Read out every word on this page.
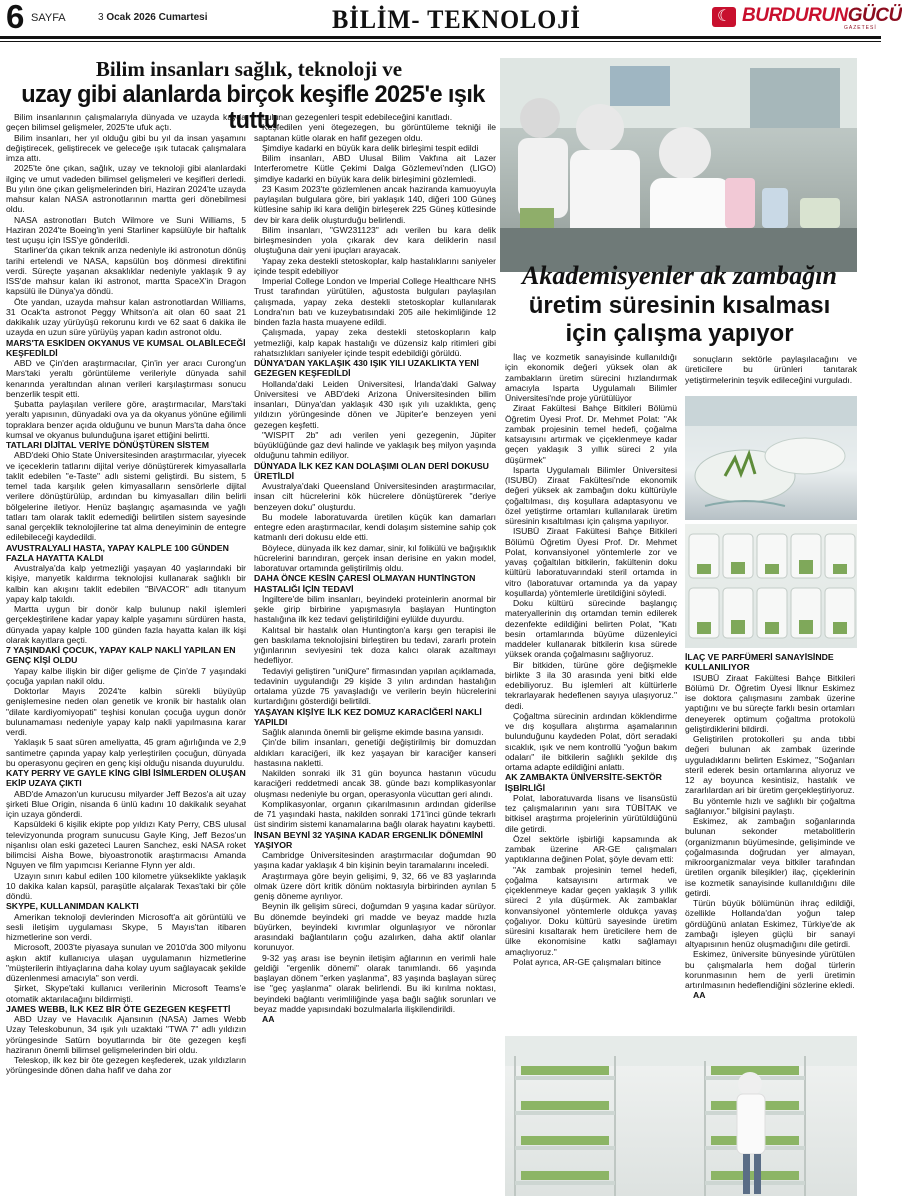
6 SAYFA	3 Ocak 2026 Cumartesi	BİLİM- TEKNOLOJİ
☾	BURDURUNGÜCÜ
GAZETESİ
Bilim insanları sağlık, teknoloji ve
uzay gibi alanlarda birçok keşifle 2025'e ışık tuttu

Bilim insanlarının çalışmalarıyla dünyada ve uzayda kayda geçen bilimsel gelişmeler, 2025'te ufuk açtı.

Bilim insanları, her yıl olduğu gibi bu yıl da insan yaşamını değiştirecek, geliştirecek ve geleceğe ışık tutacak çalışmalara imza attı.

2025'te öne çıkan, sağlık, uzay ve teknoloji gibi alanlardaki ilginç ve umut vadeden bilimsel gelişmeleri ve keşifleri derledi. Bu yılın öne çıkan gelişmelerinden biri, Haziran 2024'te uzayda mahsur kalan NASA astronotlarının martta geri dönebilmesi oldu.

NASA astronotları Butch Wilmore ve Suni Williams, 5 Haziran 2024'te Boeing'in yeni Starliner kapsülüyle bir haftalık test uçuşu için ISS'ye gönderildi.

Starliner'da çıkan teknik arıza nedeniyle iki astronotun dönüş tarihi ertelendi ve NASA, kapsülün boş dönmesi direktifini verdi. Süreçte yaşanan aksaklıklar nedeniyle yaklaşık 9 ay ISS'de mahsur kalan iki astronot, martta SpaceX'in Dragon kapsülü ile Dünya'ya döndü.

Öte yandan, uzayda mahsur kalan astronotlardan Williams, 31 Ocak'ta astronot Peggy Whitson'a ait olan 60 saat 21 dakikalık uzay yürüyüşü rekorunu kırdı ve 62 saat 6 dakika ile uzayda en uzun süre yürüyüş yapan kadın astronot oldu.

MARS'TA ESKİDEN OKYANUS VE KUMSAL OLABİLECEĞİ KEŞFEDİLDİ

ABD ve Çin'den araştırmacılar, Çin'in yer aracı Curong'un Mars'taki yeraltı görüntüleme verileriyle dünyada sahil kenarında yeraltından alınan verileri karşılaştırması sonucu benzerlik tespit etti.

Şubatta paylaşılan verilere göre, araştırmacılar, Mars'taki yeraltı yapısının, dünyadaki ova ya da okyanus yönüne eğilimli topraklara benzer açıda olduğunu ve bunun Mars'ta daha önce kumsal ve okyanus bulunduğuna işaret ettiğini belirtti.

TATLARI DİJİTAL VERİYE DÖNÜŞTÜREN SİSTEM

ABD'deki Ohio State Üniversitesinden araştırmacılar, yiyecek ve içeceklerin tatlarını dijital veriye dönüştürerek kimyasallarla taklit edebilen "e-Taste" adlı sistemi geliştirdi. Bu sistem, 5 temel tada karşılık gelen kimyasalların sensörlerle dijital verilere dönüştürülüp, ardından bu kimyasalları dilin belirli bölgelerine iletiyor. Henüz başlangıç aşamasında ve yağlı tatları tam olarak taklit edemediği belirtilen sistem sayesinde sanal gerçeklik teknolojilerine tat alma deneyiminin de entegre edilebileceği kaydedildi.

AVUSTRALYALI HASTA, YAPAY KALPLE 100 GÜNDEN FAZLA HAYATTA KALDI

Avustralya'da kalp yetmezliği yaşayan 40 yaşlarındaki bir kişiye, manyetik kaldırma teknolojisi kullanarak sağlıklı bir kalbin kan akışını taklit edebilen "BiVACOR" adlı titanyum yapay kalp takıldı.

Martta uygun bir donör kalp bulunup nakil işlemleri gerçekleştirilene kadar yapay kalple yaşamını sürdüren hasta, dünyada yapay kalple 100 günden fazla hayatta kalan ilk kişi olarak kayıtlara geçti.

7 YAŞINDAKİ ÇOCUK, YAPAY KALP NAKLİ YAPILAN EN GENÇ KİŞİ OLDU

Yapay kalbe ilişkin bir diğer gelişme de Çin'de 7 yaşındaki çocuğa yapılan nakil oldu.

Doktorlar Mayıs 2024'te kalbin sürekli büyüyüp genişlemesine neden olan genetik ve kronik bir hastalık olan "dilate kardiyomiyopati" teşhisi konulan çocuğa uygun donör bulunamaması nedeniyle yapay kalp nakli yapılmasına karar verdi.

Yaklaşık 5 saat süren ameliyatta, 45 gram ağırlığında ve 2,9 santimetre çapında yapay kalp yerleştirilen çocuğun, dünyada bu operasyonu geçiren en genç kişi olduğu nisanda duyuruldu.

KATY PERRY VE GAYLE KİNG GİBİ İSİMLERDEN OLUŞAN EKİP UZAYA ÇIKTI

ABD'de Amazon'un kurucusu milyarder Jeff Bezos'a ait uzay şirketi Blue Origin, nisanda 6 ünlü kadını 10 dakikalık seyahat için uzaya gönderdi.

Kapsüldeki 6 kişilik ekipte pop yıldızı Katy Perry, CBS ulusal televizyonunda program sunucusu Gayle King, Jeff Bezos'un nişanlısı olan eski gazeteci Lauren Sanchez, eski NASA roket bilimcisi Aisha Bowe, biyoastronotik araştırmacısı Amanda Nguyen ve film yapımcısı Kerianne Flynn yer aldı.

Uzayın sınırı kabul edilen 100 kilometre yükseklikte yaklaşık 10 dakika kalan kapsül, paraşütle alçalarak Texas'taki bir çöle döndü.

SKYPE, KULLANIMDAN KALKTI

Amerikan teknoloji devlerinden Microsoft'a ait görüntülü ve sesli iletişim uygulaması Skype, 5 Mayıs'tan itibaren hizmetlerine son verdi.

Microsoft, 2003'te piyasaya sunulan ve 2010'da 300 milyonu aşkın aktif kullanıcıya ulaşan uygulamanın hizmetlerine "müşterilerin ihtiyaçlarına daha kolay uyum sağlayacak şekilde düzenlenmesi amacıyla" son verdi.

Şirket, Skype'taki kullanıcı verilerinin Microsoft Teams'e otomatik aktarılacağını bildirmişti.

JAMES WEBB, İLK KEZ BİR ÖTE GEZEGEN KEŞFETTİ

ABD Uzay ve Havacılık Ajansının (NASA) James Webb Uzay Teleskobunun, 34 ışık yılı uzaktaki "TWA 7" adlı yıldızın yörüngesinde Satürn boyutlarında bir öte gezegen keşfi haziranın önemli bilimsel gelişmelerinden biri oldu.

Teleskop, ilk kez bir öte gezegen keşfederek, uzak yıldızların yörüngesinde dönen daha hafif ve daha zor

bulunan gezegenleri tespit edebileceğini kanıtladı.

Keşfedilen yeni ötegezegen, bu görüntüleme tekniği ile saptanan kütle olarak en hafif gezegen oldu.

Şimdiye kadarki en büyük kara delik birleşimi tespit edildi

Bilim insanları, ABD Ulusal Bilim Vakfına ait Lazer Interferometre Kütle Çekimi Dalga Gözlemevi'nden (LIGO) şimdiye kadarki en büyük kara delik birleşimini gözlemledi.

23 Kasım 2023'te gözlemlenen ancak haziranda kamuoyuyla paylaşılan bulgulara göre, biri yaklaşık 140, diğeri 100 Güneş kütlesine sahip iki kara deliğin birleşerek 225 Güneş kütlesinde dev bir kara delik oluşturduğu belirlendi.

Bilim insanları, "GW231123" adı verilen bu kara delik birleşmesinden yola çıkarak dev kara deliklerin nasıl oluştuğuna dair yeni ipuçları arayacak.

Yapay zeka destekli stetoskoplar, kalp hastalıklarını saniyeler içinde tespit edebiliyor

Imperial College London ve Imperial College Healthcare NHS Trust tarafından yürütülen, ağustosta bulguları paylaşılan çalışmada, yapay zeka destekli stetoskoplar kullanılarak Londra'nın batı ve kuzeybatısındaki 205 aile hekimliğinde 12 binden fazla hasta muayene edildi.

Çalışmada, yapay zeka destekli stetoskopların kalp yetmezliği, kalp kapak hastalığı ve düzensiz kalp ritimleri gibi rahatsızlıkları saniyeler içinde tespit edebildiği görüldü.

DÜNYA'DAN YAKLAŞIK 430 IŞIK YILI UZAKLIKTA YENİ GEZEGEN KEŞFEDİLDİ

Hollanda'daki Leiden Üniversitesi, İrlanda'daki Galway Üniversitesi ve ABD'deki Arizona Üniversitesinden bilim insanları, Dünya'dan yaklaşık 430 ışık yılı uzaklıkta, genç yıldızın yörüngesinde dönen ve Jüpiter'e benzeyen yeni gezegen keşfetti.

"WISPIT 2b" adı verilen yeni gezegenin, Jüpiter büyüklüğünde gaz devi halinde ve yaklaşık beş milyon yaşında olduğunu tahmin ediliyor.

DÜNYADA İLK KEZ KAN DOLAŞIMI OLAN DERİ DOKUSU ÜRETİLDİ

Avustralya'daki Queensland Üniversitesinden araştırmacılar, insan cilt hücrelerini kök hücrelere dönüştürerek "deriye benzeyen doku" oluşturdu.

Bu modele laboratuvarda üretilen küçük kan damarları entegre eden araştırmacılar, kendi dolaşım sistemine sahip çok katmanlı deri dokusu elde etti.

Böylece, dünyada ilk kez damar, sinir, kıl folikülü ve bağışıklık hücrelerini barındıran, gerçek insan derisine en yakın model, laboratuvar ortamında geliştirilmiş oldu.

DAHA ÖNCE KESİN ÇARESİ OLMAYAN HUNTİNGTON HASTALIĞI İÇİN TEDAVİ

İngiltere'de bilim insanları, beyindeki proteinlerin anormal bir şekle girip birbirine yapışmasıyla başlayan Huntington hastalığına ilk kez tedavi geliştirildiğini eylülde duyurdu.

Kalıtsal bir hastalık olan Huntington'a karşı gen terapisi ile gen baskılama teknolojisini birleştiren bu tedavi, zararlı protein yığınlarının seviyesini tek doza kalıcı olarak azaltmayı hedefliyor.

Tedaviyi geliştiren "uniQure" firmasından yapılan açıklamada, tedavinin uygulandığı 29 kişide 3 yılın ardından hastalığın ortalama yüzde 75 yavaşladığı ve verilerin beyin hücrelerini kurtardığını gösterdiği belirtildi.

YAŞAYAN KİŞİYE İLK KEZ DOMUZ KARACİĞERİ NAKLİ YAPILDI

Sağlık alanında önemli bir gelişme ekimde basına yansıdı.

Çin'de bilim insanları, genetiği değiştirilmiş bir domuzdan aldıkları karaciğeri, ilk kez yaşayan bir karaciğer kanseri hastasına nakletti.

Nakilden sonraki ilk 31 gün boyunca hastanın vücudu karaciğeri reddetmedi ancak 38. günde bazı komplikasyonlar oluşması nedeniyle bu organ, operasyonla vücuttan geri alındı.

Komplikasyonlar, organın çıkarılmasının ardından giderilse de 71 yaşındaki hasta, nakilden sonraki 171'inci günde tekrarlı üst sindirim sistemi kanamalarına bağlı olarak hayatını kaybetti.

İNSAN BEYNİ 32 YAŞINA KADAR ERGENLİK DÖNEMİNİ YAŞIYOR

Cambridge Üniversitesinden araştırmacılar doğumdan 90 yaşına kadar yaklaşık 4 bin kişinin beyin taramalarını inceledi.

Araştırmaya göre beyin gelişimi, 9, 32, 66 ve 83 yaşlarında olmak üzere dört kritik dönüm noktasıyla birbirinden ayrılan 5 geniş döneme ayrılıyor.

Beynin ilk gelişim süreci, doğumdan 9 yaşına kadar sürüyor. Bu dönemde beyindeki gri madde ve beyaz madde hızla büyürken, beyindeki kıvrımlar olgunlaşıyor ve nöronlar arasındaki bağlantıların çoğu azalırken, daha aktif olanlar korunuyor.

9-32 yaş arası ise beynin iletişim ağlarının en verimli hale geldiği "ergenlik dönemi" olarak tanımlandı. 66 yaşında başlayan dönem "erken yaşlanma", 83 yaşında başlayan süreç ise "geç yaşlanma" olarak belirlendi. Bu iki kırılma noktası, beyindeki bağlantı verimliliğinde yaşa bağlı sağlık sorunları ve beyaz madde yapısındaki bozulmalarla ilişkilendirildi.

AA

Akademisyenler ak zambağın
üretim süresinin kısalması
için çalışma yapıyor

İlaç ve kozmetik sanayisinde kullanıldığı için ekonomik değeri yüksek olan ak zambakların üretim sürecini hızlandırmak amacıyla Isparta Uygulamalı Bilimler Üniversitesi'nde proje yürütülüyor

Ziraat Fakültesi Bahçe Bitkileri Bölümü Öğretim Üyesi Prof. Dr. Mehmet Polat: "Ak zambak projesinin temel hedefi, çoğalma katsayısını artırmak ve çiçeklenmeye kadar geçen yaklaşık 3 yıllık süreci 2 yıla düşürmek"

Isparta Uygulamalı Bilimler Üniversitesi (ISUBÜ) Ziraat Fakültesi'nde ekonomik değeri yüksek ak zambağın doku kültürüyle çoğaltılması, dış koşullara adaptasyonu ve özel yetiştirme ortamları kullanılarak üretim süresinin kısaltılması için çalışma yapılıyor.

ISUBÜ Ziraat Fakültesi Bahçe Bitkileri Bölümü Öğretim Üyesi Prof. Dr. Mehmet Polat, konvansiyonel yöntemlerle zor ve yavaş çoğaltılan bitkilerin, fakültenin doku kültürü laboratuvarındaki steril ortamda in vitro (laboratuvar ortamında ya da yapay koşullarda) yöntemlerle üretildiğini söyledi.

Doku kültürü sürecinde başlangıç materyallerinin dış ortamdan temin edilerek dezenfekte edildiğini belirten Polat, "Katı besin ortamlarında büyüme düzenleyici maddeler kullanarak bitkilerin kısa sürede yüksek oranda çoğalmasını sağlıyoruz.

Bir bitkiden, türüne göre değişmekle birlikte 3 ila 30 arasında yeni bitki elde edebiliyoruz. Bu işlemleri alt kültürlerle tekrarlayarak hedeflenen sayıya ulaşıyoruz." dedi.

Çoğaltma sürecinin ardından köklendirme ve dış koşullara alıştırma aşamalarının bulunduğunu kaydeden Polat, dört seradaki sıcaklık, ışık ve nem kontrollü "yoğun bakım odaları" ile bitkilerin sağlıklı şekilde dış ortama adapte edildiğini anlattı.

AK ZAMBAKTA ÜNİVERSİTE-SEKTÖR İŞBİRLİĞİ

Polat, laboratuvarda lisans ve lisansüstü tez çalışmalarının yanı sıra TÜBİTAK ve bitkisel araştırma projelerinin yürütüldüğünü dile getirdi.

Özel sektörle işbirliği kapsamında ak zambak üzerine AR-GE çalışmaları yaptıklarına değinen Polat, şöyle devam etti:

"Ak zambak projesinin temel hedefi, çoğalma katsayısını artırmak ve çiçeklenmeye kadar geçen yaklaşık 3 yıllık süreci 2 yıla düşürmek. Ak zambaklar konvansiyonel yöntemlerle oldukça yavaş çoğalıyor. Doku kültürü sayesinde üretim süresini kısaltarak hem üreticilere hem de ülke ekonomisine katkı sağlamayı amaçlıyoruz."

Polat ayrıca, AR-GE çalışmaları bitince

sonuçların sektörle paylaşılacağını ve üreticilere bu ürünleri tanıtarak yetiştirmelerinin teşvik edileceğini vurguladı.

İLAÇ VE PARFÜMERİ SANAYİSİNDE KULLANILIYOR

ISUBÜ Ziraat Fakültesi Bahçe Bitkileri Bölümü Dr. Öğretim Üyesi İlknur Eskimez ise doktora çalışmasını zambak üzerine yaptığını ve bu süreçte farklı besin ortamları deneyerek optimum çoğaltma protokolü geliştirdiklerini bildirdi.

Geliştirilen protokolleri şu anda tıbbi değeri bulunan ak zambak üzerinde uyguladıklarını belirten Eskimez, "Soğanları steril ederek besin ortamlarına alıyoruz ve 12 ay boyunca kesintisiz, hastalık ve zararlılardan ari bir üretim gerçekleştiriyoruz.

Bu yöntemle hızlı ve sağlıklı bir çoğaltma sağlanıyor." bilgisini paylaştı.

Eskimez, ak zambağın soğanlarında bulunan sekonder metabolitlerin (organizmanın büyümesinde, gelişiminde ve çoğalmasında doğrudan yer almayan, mikroorganizmalar veya bitkiler tarafından üretilen organik bileşikler) ilaç, çiçeklerinin ise kozmetik sanayisinde kullanıldığını dile getirdi.

Türün büyük bölümünün ihraç edildiği, özellikle Hollanda'dan yoğun talep gördüğünü anlatan Eskimez, Türkiye'de ak zambağı işleyen güçlü bir sanayi altyapısının henüz oluşmadığını dile getirdi.

Eskimez, üniversite bünyesinde yürütülen bu çalışmalarla hem doğal türlerin korunmasının hem de yerli üretimin artırılmasının hedeflendiğini sözlerine ekledi.

AA
